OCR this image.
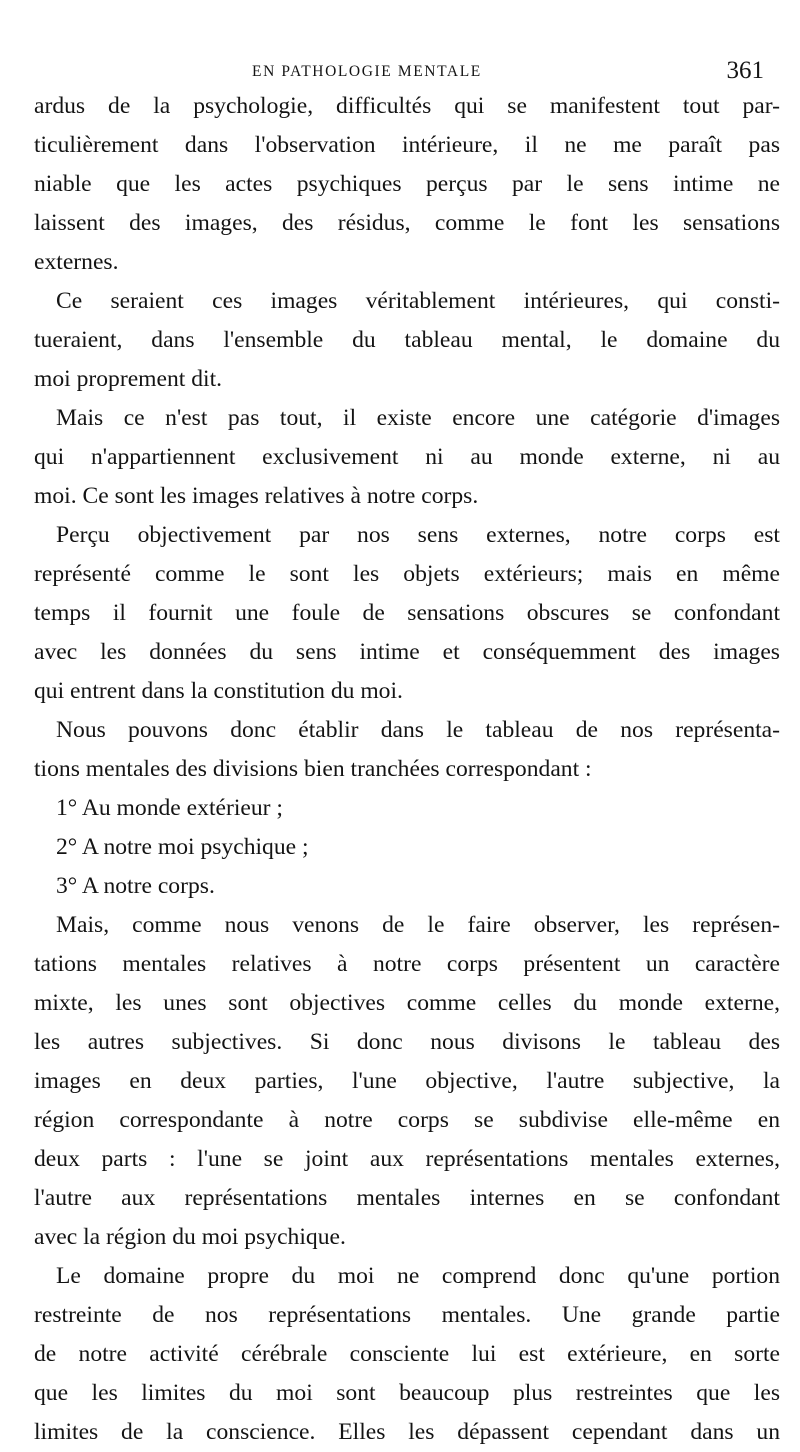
EN PATHOLOGIE MENTALE	361
ardus de la psychologie, difficultés qui se manifestent tout par-
ticulièrement dans l'observation intérieure, il ne me paraît pas
niable que les actes psychiques perçus par le sens intime ne
laissent des images, des résidus, comme le font les sensations
externes.
Ce seraient ces images véritablement intérieures, qui consti-
tueraient, dans l'ensemble du tableau mental, le domaine du
moi proprement dit.
Mais ce n'est pas tout, il existe encore une catégorie d'images
qui n'appartiennent exclusivement ni au monde externe, ni au
moi. Ce sont les images relatives à notre corps.
Perçu objectivement par nos sens externes, notre corps est
représenté comme le sont les objets extérieurs; mais en même
temps il fournit une foule de sensations obscures se confondant
avec les données du sens intime et conséquemment des images
qui entrent dans la constitution du moi.
Nous pouvons donc établir dans le tableau de nos représenta-
tions mentales des divisions bien tranchées correspondant :
1° Au monde extérieur ;
2° A notre moi psychique ;
3° A notre corps.
Mais, comme nous venons de le faire observer, les représen-
tations mentales relatives à notre corps présentent un caractère
mixte, les unes sont objectives comme celles du monde externe,
les autres subjectives. Si donc nous divisons le tableau des
images en deux parties, l'une objective, l'autre subjective, la
région correspondante à notre corps se subdivise elle-même en
deux parts : l'une se joint aux représentations mentales externes,
l'autre aux représentations mentales internes en se confondant
avec la région du moi psychique.
Le domaine propre du moi ne comprend donc qu'une portion
restreinte de nos représentations mentales. Une grande partie
de notre activité cérébrale consciente lui est extérieure, en sorte
que les limites du moi sont beaucoup plus restreintes que les
limites de la conscience. Elles les dépassent cependant dans un
